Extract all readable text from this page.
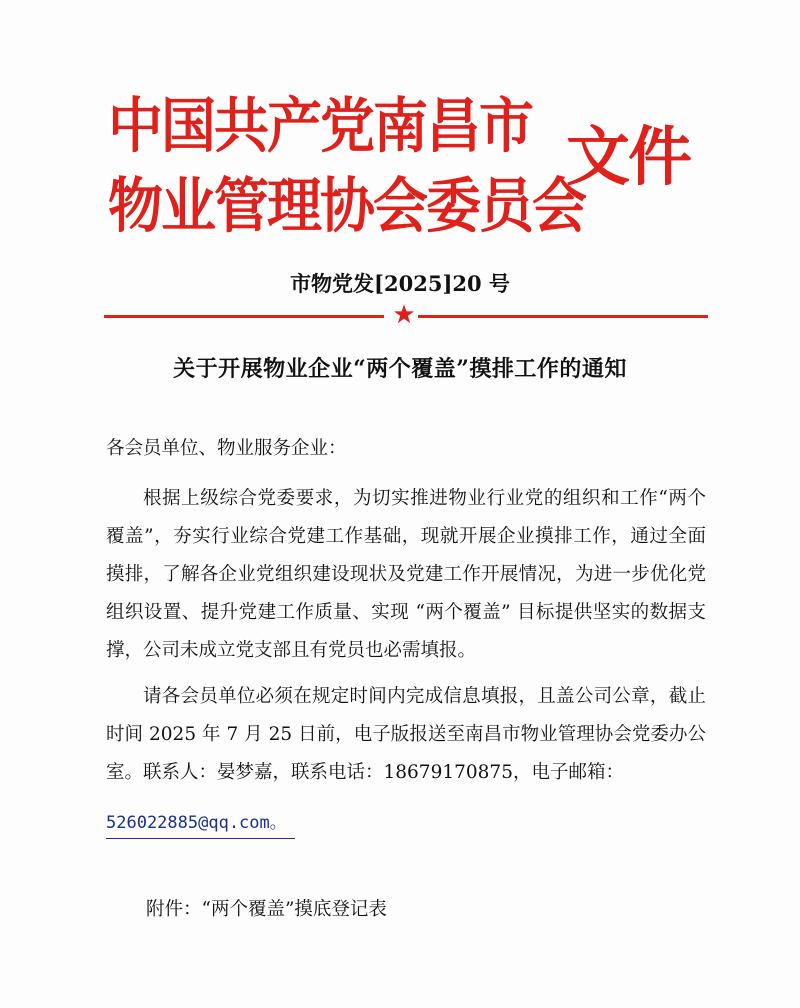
中国共产党南昌市
物业管理协会委员会
文件
市物党发[2025]20 号
★
关于开展物业企业“两个覆盖”摸排工作的通知
各会员单位、物业服务企业：

根据上级综合党委要求，为切实推进物业行业党的组织和工作“两个覆盖”，夯实行业综合党建工作基础，现就开展企业摸排工作，通过全面摸排，了解各企业党组织建设现状及党建工作开展情况，为进一步优化党组织设置、提升党建工作质量、实现 “两个覆盖” 目标提供坚实的数据支撑，公司未成立党支部且有党员也必需填报。

请各会员单位必须在规定时间内完成信息填报，且盖公司公章，截止时间 2025 年 7 月 25 日前，电子版报送至南昌市物业管理协会党委办公室。联系人：晏梦嘉，联系电话：18679170875，电子邮箱：

526022885@qq.com。
附件：“两个覆盖”摸底登记表
